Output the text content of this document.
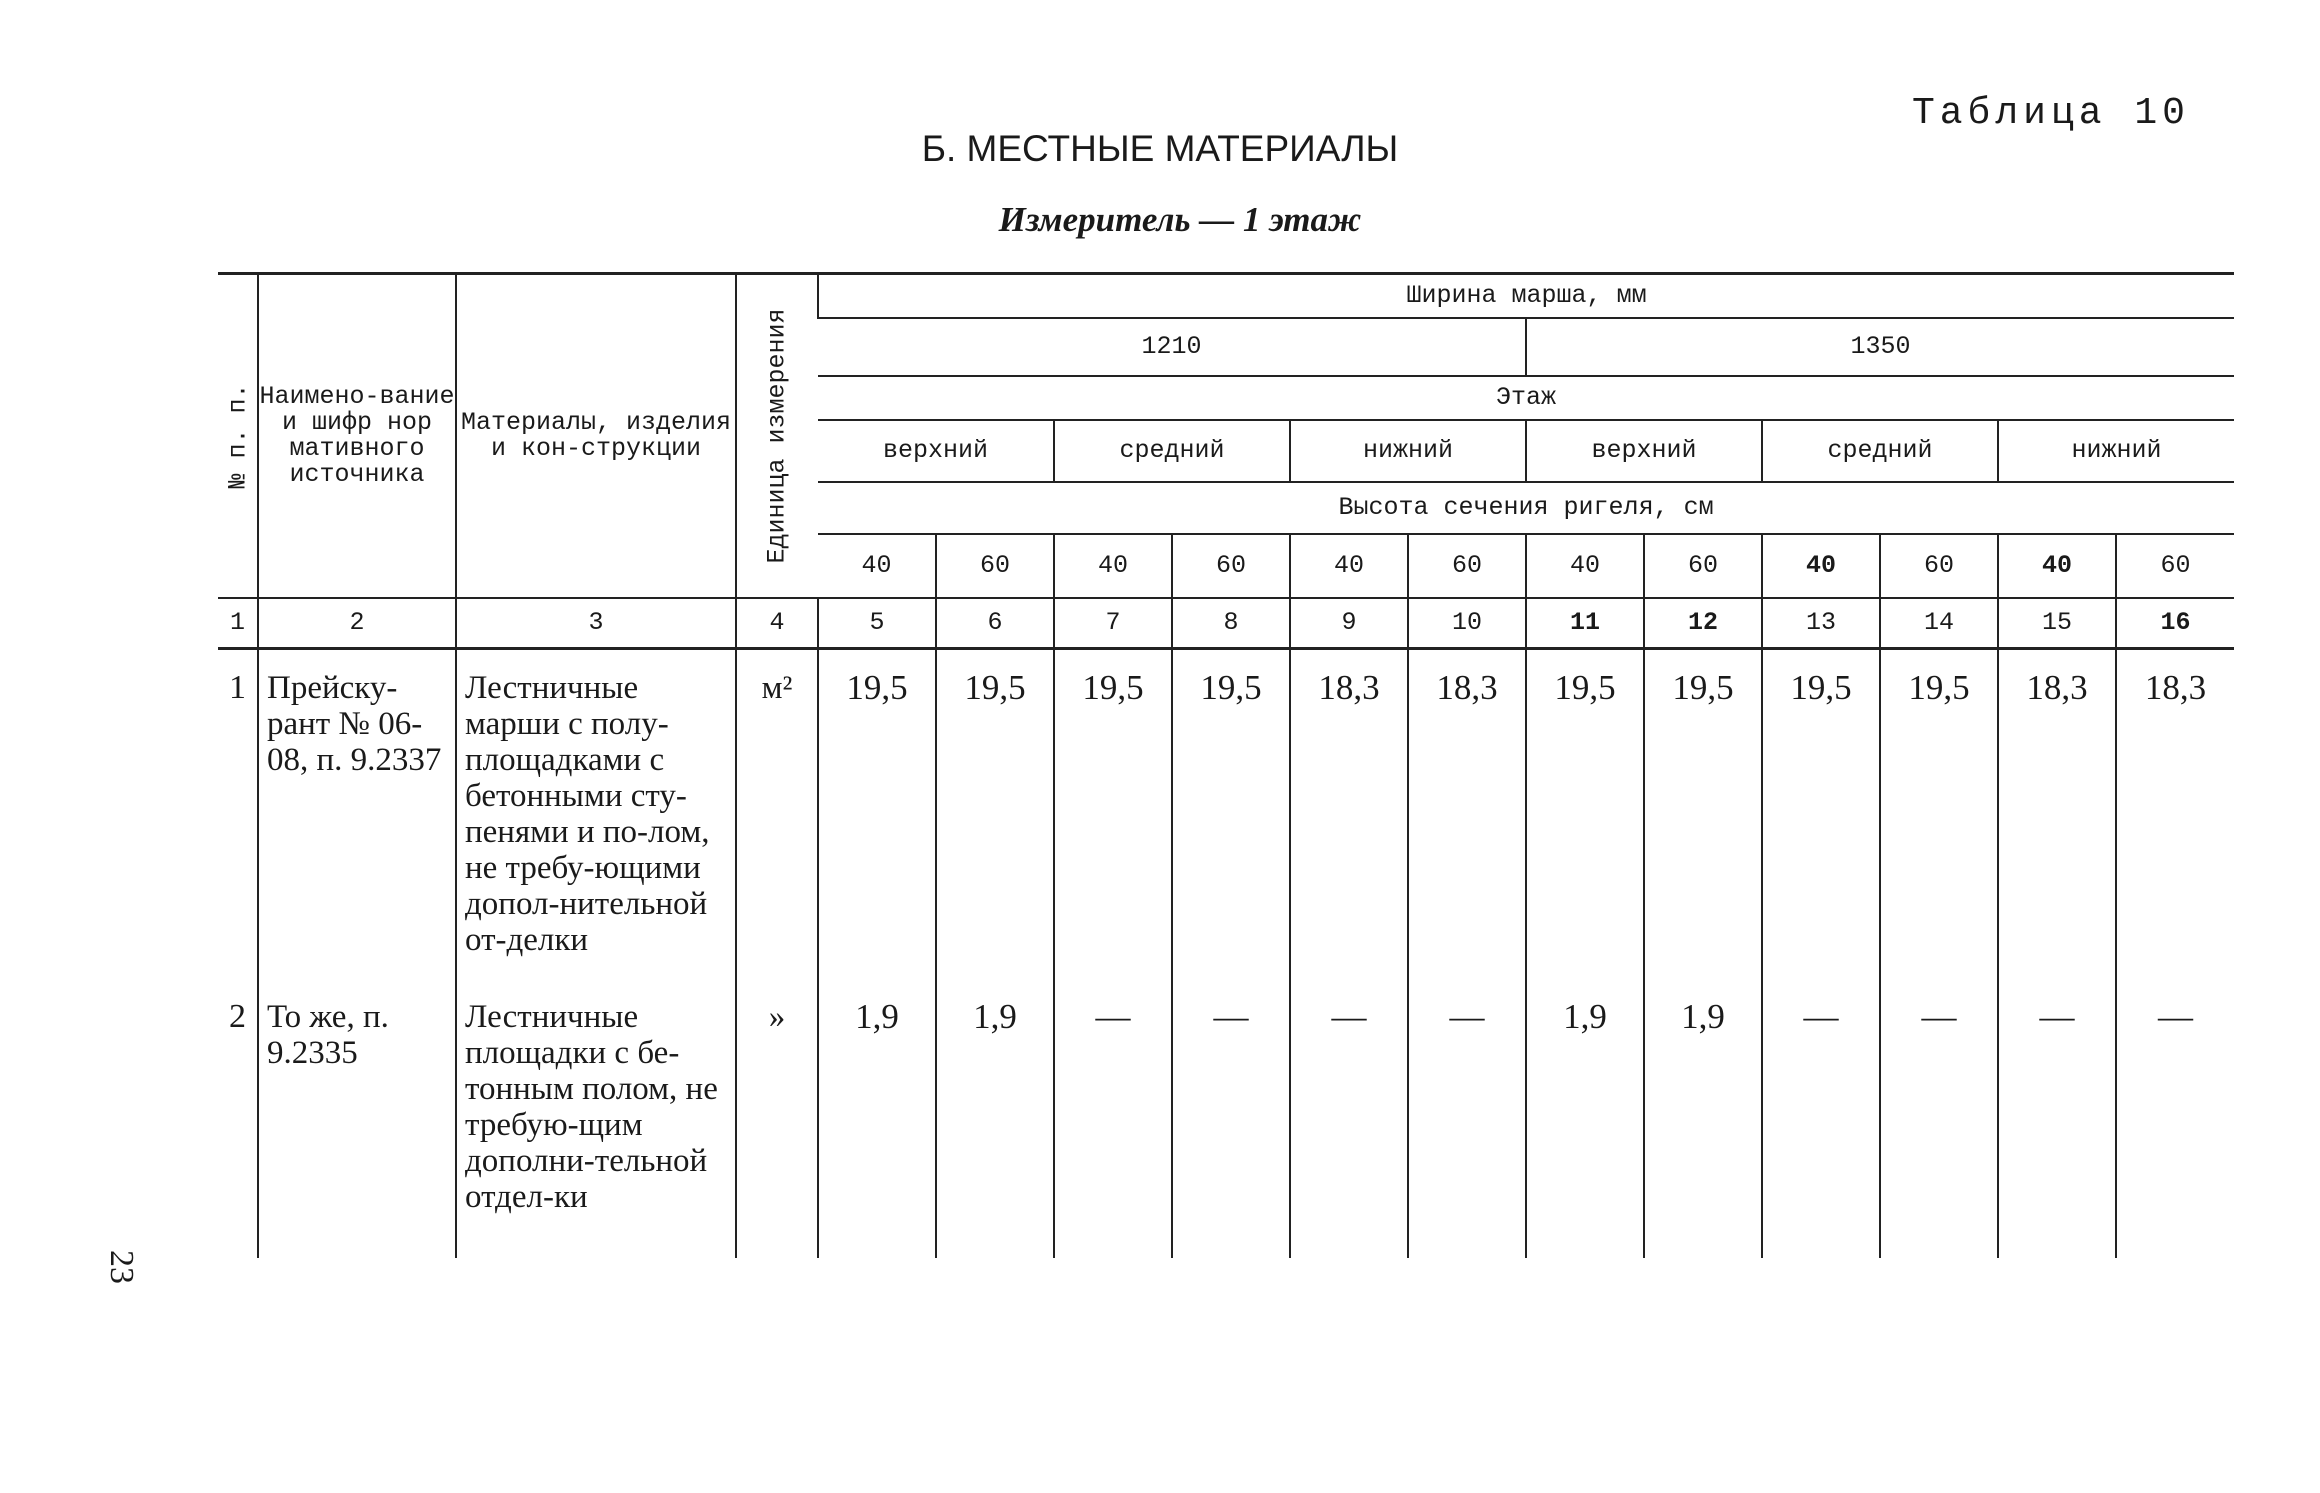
Таблица 10
Б. МЕСТНЫЕ МАТЕРИАЛЫ
Измеритель — 1 этаж
23
№ п. п.	Наимено-вание и шифр нор мативного источника	Материалы, изделия и кон-струкции	Единица измерения	Ширина марша, мм											
				1210						1350					
				Этаж											
				верхний		средний		нижний		верхний		средний		нижний	
				Высота сечения ригеля, см											
				40	60	40	60	40	60	40	60	40	60	40	60
1	2	3	4	5	6	7	8	9	10	11	12	13	14	15	16
1	Прейску-рант № 06-08, п. 9.2337	Лестничные марши с полу-площадками с бетонными сту-пенями и по-лом, не требу-ющими допол-нительной от-делки	м²	19,5	19,5	19,5	19,5	18,3	18,3	19,5	19,5	19,5	19,5	18,3	18,3
2	То же, п. 9.2335	Лестничные площадки с бе-тонным полом, не требую-щим дополни-тельной отдел-ки	»	1,9	1,9	—	—	—	—	1,9	1,9	—	—	—	—
